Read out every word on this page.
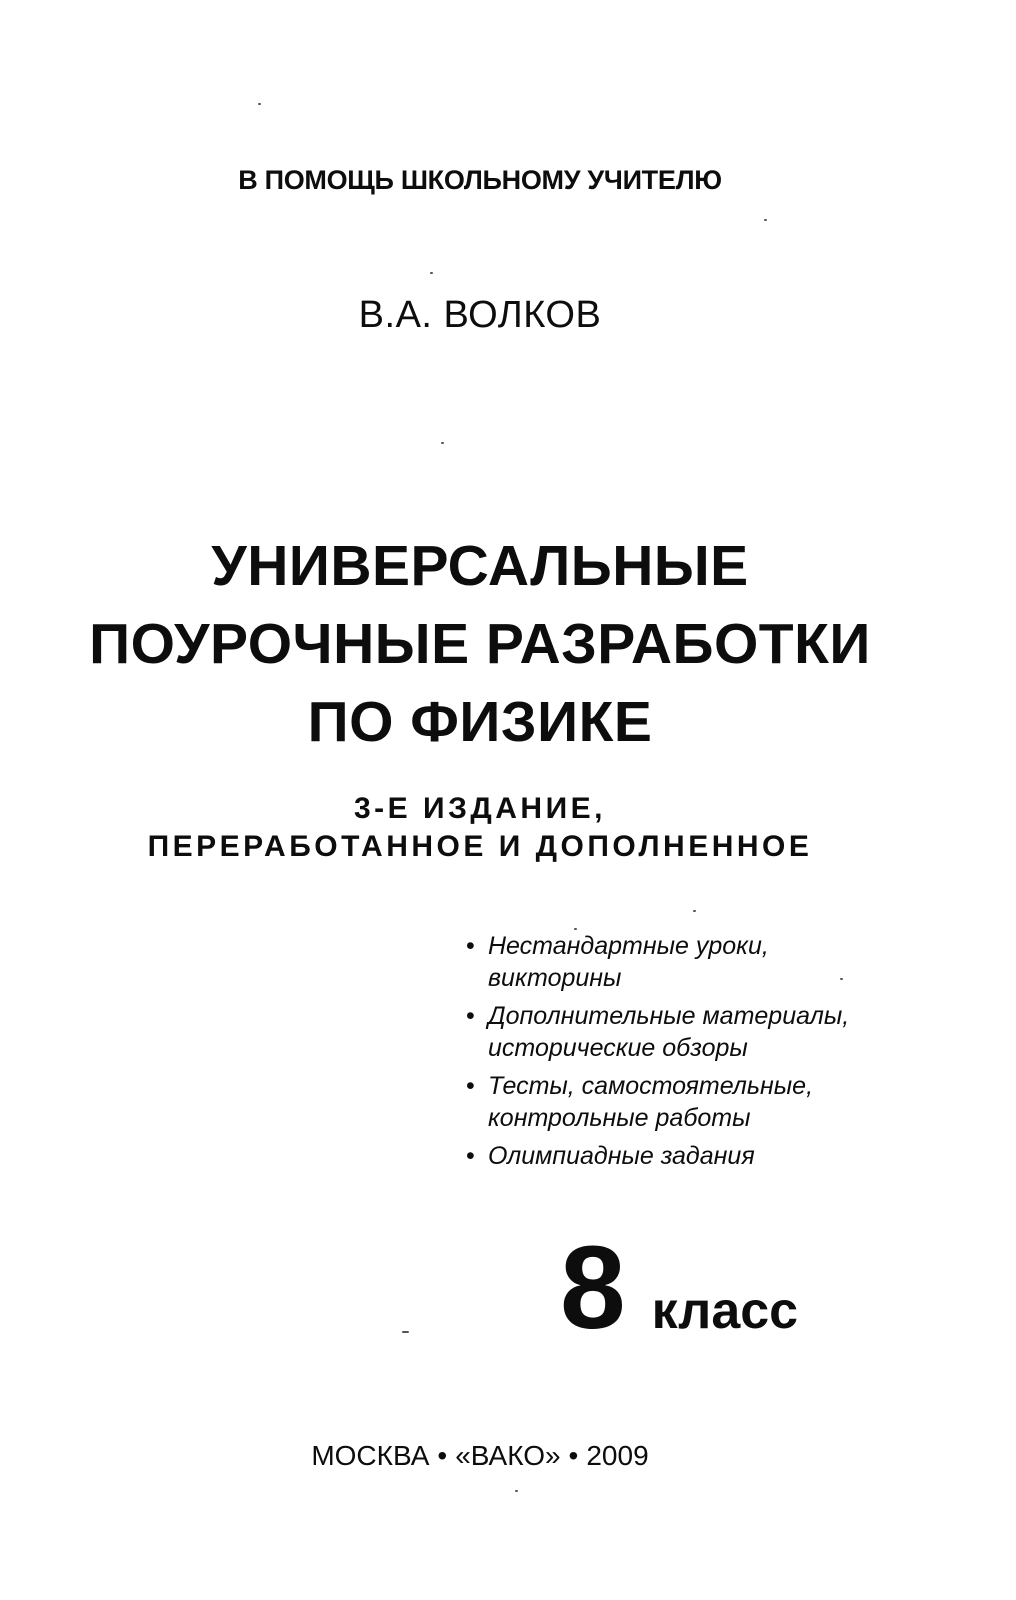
В ПОМОЩЬ ШКОЛЬНОМУ УЧИТЕЛЮ
В.А. ВОЛКОВ
УНИВЕРСАЛЬНЫЕ
ПОУРОЧНЫЕ РАЗРАБОТКИ
ПО ФИЗИКЕ
3-Е ИЗДАНИЕ,
ПЕРЕРАБОТАННОЕ И ДОПОЛНЕННОЕ
• Нестандартные уроки,
викторины
• Дополнительные материалы,
исторические обзоры
• Тесты, самостоятельные,
контрольные работы
• Олимпиадные задания
8 класс
МОСКВА • «ВАКО» • 2009
